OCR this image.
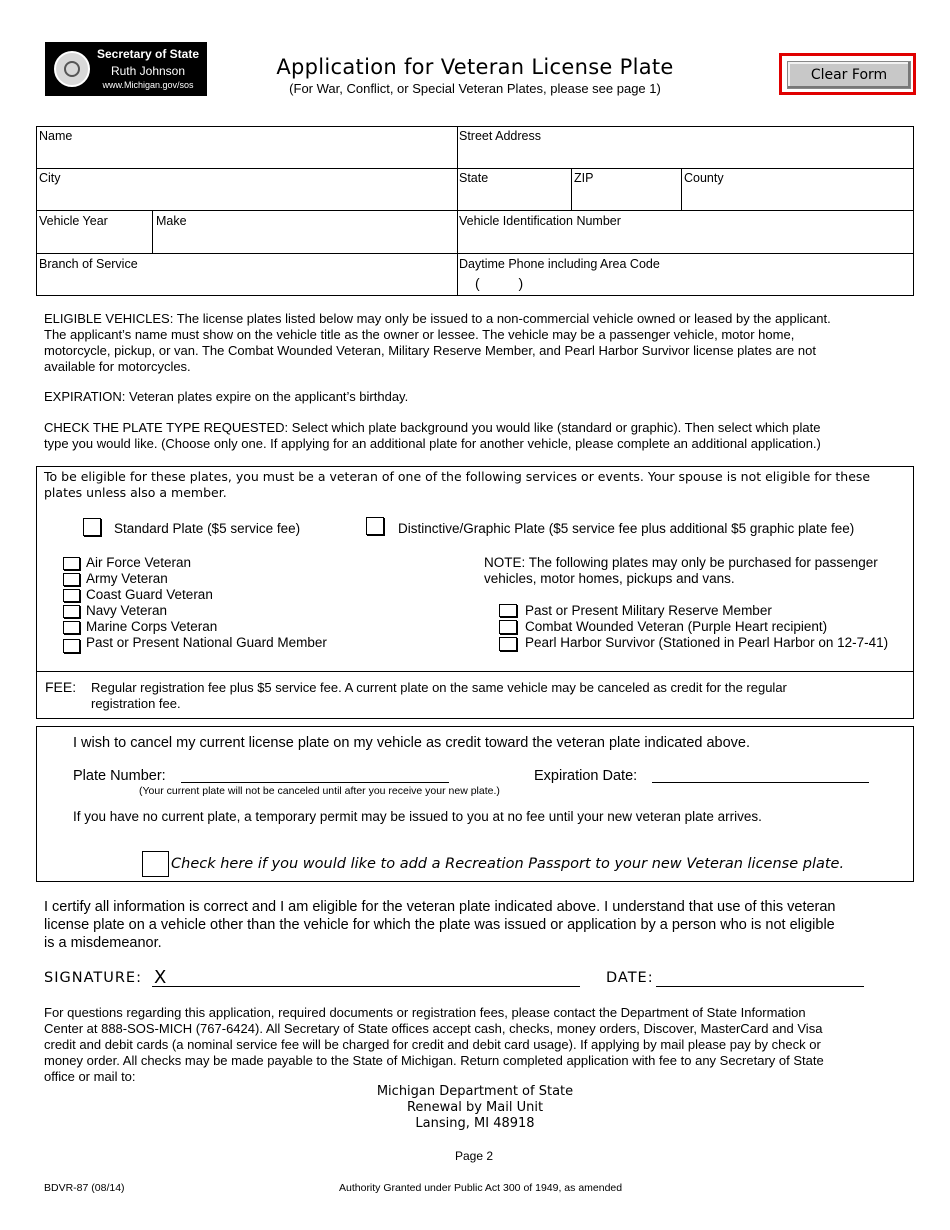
Secretary of State
Ruth Johnson
www.Michigan.gov/sos
Application for Veteran License Plate
(For War, Conflict, or Special Veteran Plates, please see page 1)
Clear Form
Name	Street Address
City	State	ZIP	County
Vehicle Year	Make	Vehicle Identification Number
Branch of Service	Daytime Phone including Area Code
(          )
ELIGIBLE VEHICLES: The license plates listed below may only be issued to a non-commercial vehicle owned or leased by the applicant.
The applicant’s name must show on the vehicle title as the owner or lessee. The vehicle may be a passenger vehicle, motor home,
motorcycle, pickup, or van. The Combat Wounded Veteran, Military Reserve Member, and Pearl Harbor Survivor license plates are not
available for motorcycles.
EXPIRATION: Veteran plates expire on the applicant’s birthday.
CHECK THE PLATE TYPE REQUESTED: Select which plate background you would like (standard or graphic). Then select which plate
type you would like. (Choose only one. If applying for an additional plate for another vehicle, please complete an additional application.)
To be eligible for these plates, you must be a veteran of one of the following services or events. Your spouse is not eligible for these
plates unless also a member.
Standard Plate ($5 service fee)	Distinctive/Graphic Plate ($5 service fee plus additional $5 graphic plate fee)
Air Force Veteran
Army Veteran
Coast Guard Veteran
Navy Veteran
Marine Corps Veteran
Past or Present National Guard Member
NOTE: The following plates may only be purchased for passenger
vehicles, motor homes, pickups and vans.
Past or Present Military Reserve Member
Combat Wounded Veteran (Purple Heart recipient)
Pearl Harbor Survivor (Stationed in Pearl Harbor on 12-7-41)
FEE: Regular registration fee plus $5 service fee. A current plate on the same vehicle may be canceled as credit for the regular
registration fee.
I wish to cancel my current license plate on my vehicle as credit toward the veteran plate indicated above.
Plate Number:
(Your current plate will not be canceled until after you receive your new plate.)
Expiration Date:
If you have no current plate, a temporary permit may be issued to you at no fee until your new veteran plate arrives.
Check here if you would like to add a Recreation Passport to your new Veteran license plate.
I certify all information is correct and I am eligible for the veteran plate indicated above. I understand that use of this veteran
license plate on a vehicle other than the vehicle for which the plate was issued or application by a person who is not eligible
is a misdemeanor.
SIGNATURE: X	DATE:
For questions regarding this application, required documents or registration fees, please contact the Department of State Information
Center at 888-SOS-MICH (767-6424). All Secretary of State offices accept cash, checks, money orders, Discover, MasterCard and Visa
credit and debit cards (a nominal service fee will be charged for credit and debit card usage). If applying by mail please pay by check or
money order. All checks may be made payable to the State of Michigan. Return completed application with fee to any Secretary of State
office or mail to:
Michigan Department of State
Renewal by Mail Unit
Lansing, MI 48918
Page 2
BDVR-87 (08/14)	Authority Granted under Public Act 300 of 1949, as amended
